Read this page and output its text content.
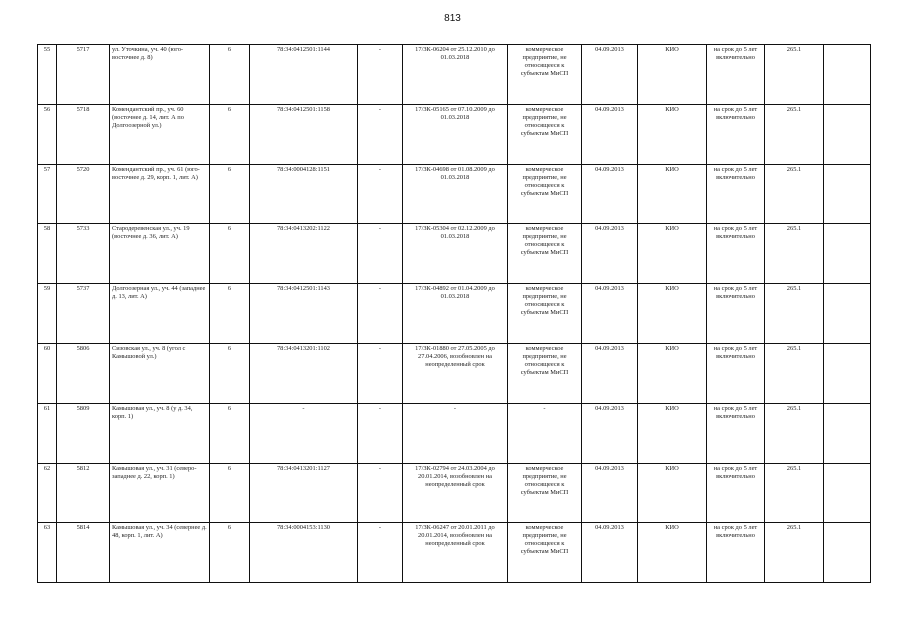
813
55	5717	ул. Уточкина, уч. 40 (юго-восточнее д. 8)	6	78:34:0412501:1144	-	17/ЗК-06204 от 25.12.2010 до 01.03.2018	коммерческое предприятие, не относящееся к субъектам МиСП	04.09.2013	КИО	на срок до 5 лет включительно	265.1	
56	5718	Комендантский пр., уч. 60 (восточнее д. 14, лит. А по Долгоозерной ул.)	6	78:34:0412501:1158	-	17/ЗК-05165 от 07.10.2009 до 01.03.2018	коммерческое предприятие, не относящееся к субъектам МиСП	04.09.2013	КИО	на срок до 5 лет включительно	265.1	
57	5720	Комендантский пр., уч. 61 (юго-восточнее д. 29, корп. 1, лит. А)	6	78:34:0004128:1151	-	17/ЗК-04698 от 01.08.2009 до 01.03.2018	коммерческое предприятие, не относящееся к субъектам МиСП	04.09.2013	КИО	на срок до 5 лет включительно	265.1	
58	5733	Стародеревенская ул., уч. 19 (восточнее д. 36, лит. А)	6	78:34:0413202:1122	-	17/ЗК-05304 от 02.12.2009 до 01.03.2018	коммерческое предприятие, не относящееся к субъектам МиСП	04.09.2013	КИО	на срок до 5 лет включительно	265.1	
59	5737	Долгоозерная ул., уч. 44 (западнее д. 13, лит. А)	6	78:34:0412501:1143	-	17/ЗК-04892 от 01.04.2009 до 01.03.2018	коммерческое предприятие, не относящееся к субъектам МиСП	04.09.2013	КИО	на срок до 5 лет включительно	265.1	
60	5806	Сизовская ул., уч. 8 (угол с Камышовой ул.)	6	78:34:0413201:1102	-	17/ЗК-01880 от 27.05.2005 до 27.04.2006, возобновлен на неопределенный срок	коммерческое предприятие, не относящееся к субъектам МиСП	04.09.2013	КИО	на срок до 5 лет включительно	265.1	
61	5809	Камышовая ул., уч. 8 (у д. 34, корп. 1)	6	-	-	-	-	04.09.2013	КИО	на срок до 5 лет включительно	265.1	
62	5812	Камышовая ул., уч. 31 (северо-западнее д. 22, корп. 1)	6	78:34:0413201:1127	-	17/ЗК-02794 от 24.03.2004 до 20.01.2014, возобновлен на неопределенный срок	коммерческое предприятие, не относящееся к субъектам МиСП	04.09.2013	КИО	на срок до 5 лет включительно	265.1	
63	5814	Камышовая ул., уч. 34 (севернее д. 48, корп. 1, лит. А)	6	78:34:0004153:1130	-	17/ЗК-06247 от 20.01.2011 до 20.01.2014, возобновлен на неопределенный срок	коммерческое предприятие, не относящееся к субъектам МиСП	04.09.2013	КИО	на срок до 5 лет включительно	265.1	
